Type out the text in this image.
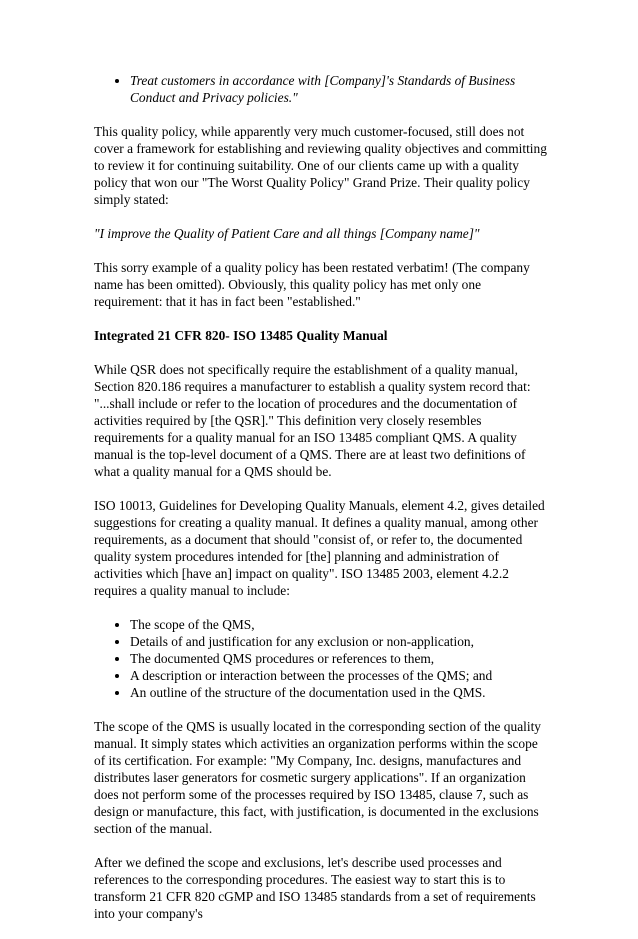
• Treat customers in accordance with [Company]'s Standards of Business Conduct and Privacy policies."

This quality policy, while apparently very much customer-focused, still does not cover a framework for establishing and reviewing quality objectives and committing to review it for continuing suitability. One of our clients came up with a quality policy that won our "The Worst Quality Policy" Grand Prize. Their quality policy simply stated:

"I improve the Quality of Patient Care and all things [Company name]"

This sorry example of a quality policy has been restated verbatim! (The company name has been omitted). Obviously, this quality policy has met only one requirement: that it has in fact been "established."

Integrated 21 CFR 820- ISO 13485 Quality Manual

While QSR does not specifically require the establishment of a quality manual, Section 820.186 requires a manufacturer to establish a quality system record that: "...shall include or refer to the location of procedures and the documentation of activities required by [the QSR]." This definition very closely resembles requirements for a quality manual for an ISO 13485 compliant QMS. A quality manual is the top-level document of a QMS. There are at least two definitions of what a quality manual for a QMS should be.

ISO 10013, Guidelines for Developing Quality Manuals, element 4.2, gives detailed suggestions for creating a quality manual. It defines a quality manual, among other requirements, as a document that should "consist of, or refer to, the documented quality system procedures intended for [the] planning and administration of activities which [have an] impact on quality". ISO 13485 2003, element 4.2.2 requires a quality manual to include:

• The scope of the QMS,
• Details of and justification for any exclusion or non-application,
• The documented QMS procedures or references to them,
• A description or interaction between the processes of the QMS; and
• An outline of the structure of the documentation used in the QMS.

The scope of the QMS is usually located in the corresponding section of the quality manual. It simply states which activities an organization performs within the scope of its certification. For example: "My Company, Inc. designs, manufactures and distributes laser generators for cosmetic surgery applications". If an organization does not perform some of the processes required by ISO 13485, clause 7, such as design or manufacture, this fact, with justification, is documented in the exclusions section of the manual.

After we defined the scope and exclusions, let's describe used processes and references to the corresponding procedures. The easiest way to start this is to transform 21 CFR 820 cGMP and ISO 13485 standards from a set of requirements into your company's
